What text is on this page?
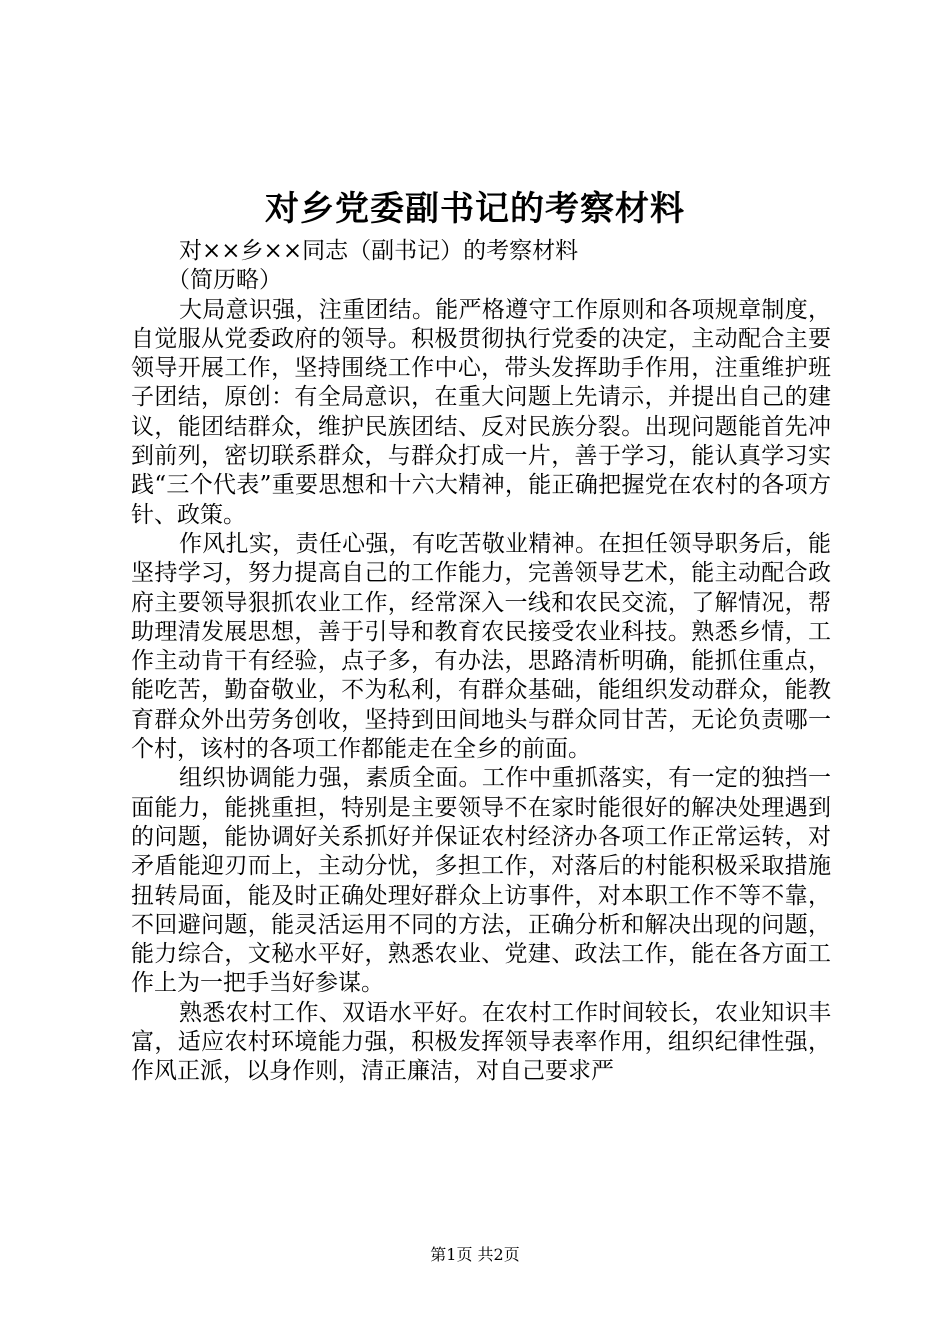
对乡党委副书记的考察材料

对××乡××同志（副书记）的考察材料

（简历略）

大局意识强，注重团结。能严格遵守工作原则和各项规章制度，自觉服从党委政府的领导。积极贯彻执行党委的决定，主动配合主要领导开展工作，坚持围绕工作中心，带头发挥助手作用，注重维护班子团结，原创：有全局意识，在重大问题上先请示，并提出自己的建议，能团结群众，维护民族团结、反对民族分裂。出现问题能首先冲到前列，密切联系群众，与群众打成一片，善于学习，能认真学习实践“三个代表”重要思想和十六大精神，能正确把握党在农村的各项方针、政策。

作风扎实，责任心强，有吃苦敬业精神。在担任领导职务后，能坚持学习，努力提高自己的工作能力，完善领导艺术，能主动配合政府主要领导狠抓农业工作，经常深入一线和农民交流，了解情况，帮助理清发展思想，善于引导和教育农民接受农业科技。熟悉乡情，工作主动肯干有经验，点子多，有办法，思路清析明确，能抓住重点，能吃苦，勤奋敬业，不为私利，有群众基础，能组织发动群众，能教育群众外出劳务创收，坚持到田间地头与群众同甘苦，无论负责哪一个村，该村的各项工作都能走在全乡的前面。

组织协调能力强，素质全面。工作中重抓落实，有一定的独挡一面能力，能挑重担，特别是主要领导不在家时能很好的解决处理遇到的问题，能协调好关系抓好并保证农村经济办各项工作正常运转，对矛盾能迎刃而上，主动分忧，多担工作，对落后的村能积极采取措施扭转局面，能及时正确处理好群众上访事件，对本职工作不等不靠，不回避问题，能灵活运用不同的方法，正确分析和解决出现的问题，能力综合，文秘水平好，熟悉农业、党建、政法工作，能在各方面工作上为一把手当好参谋。

熟悉农村工作、双语水平好。在农村工作时间较长，农业知识丰富，适应农村环境能力强，积极发挥领导表率作用，组织纪律性强，作风正派，以身作则，清正廉洁，对自己要求严

第1页 共2页
